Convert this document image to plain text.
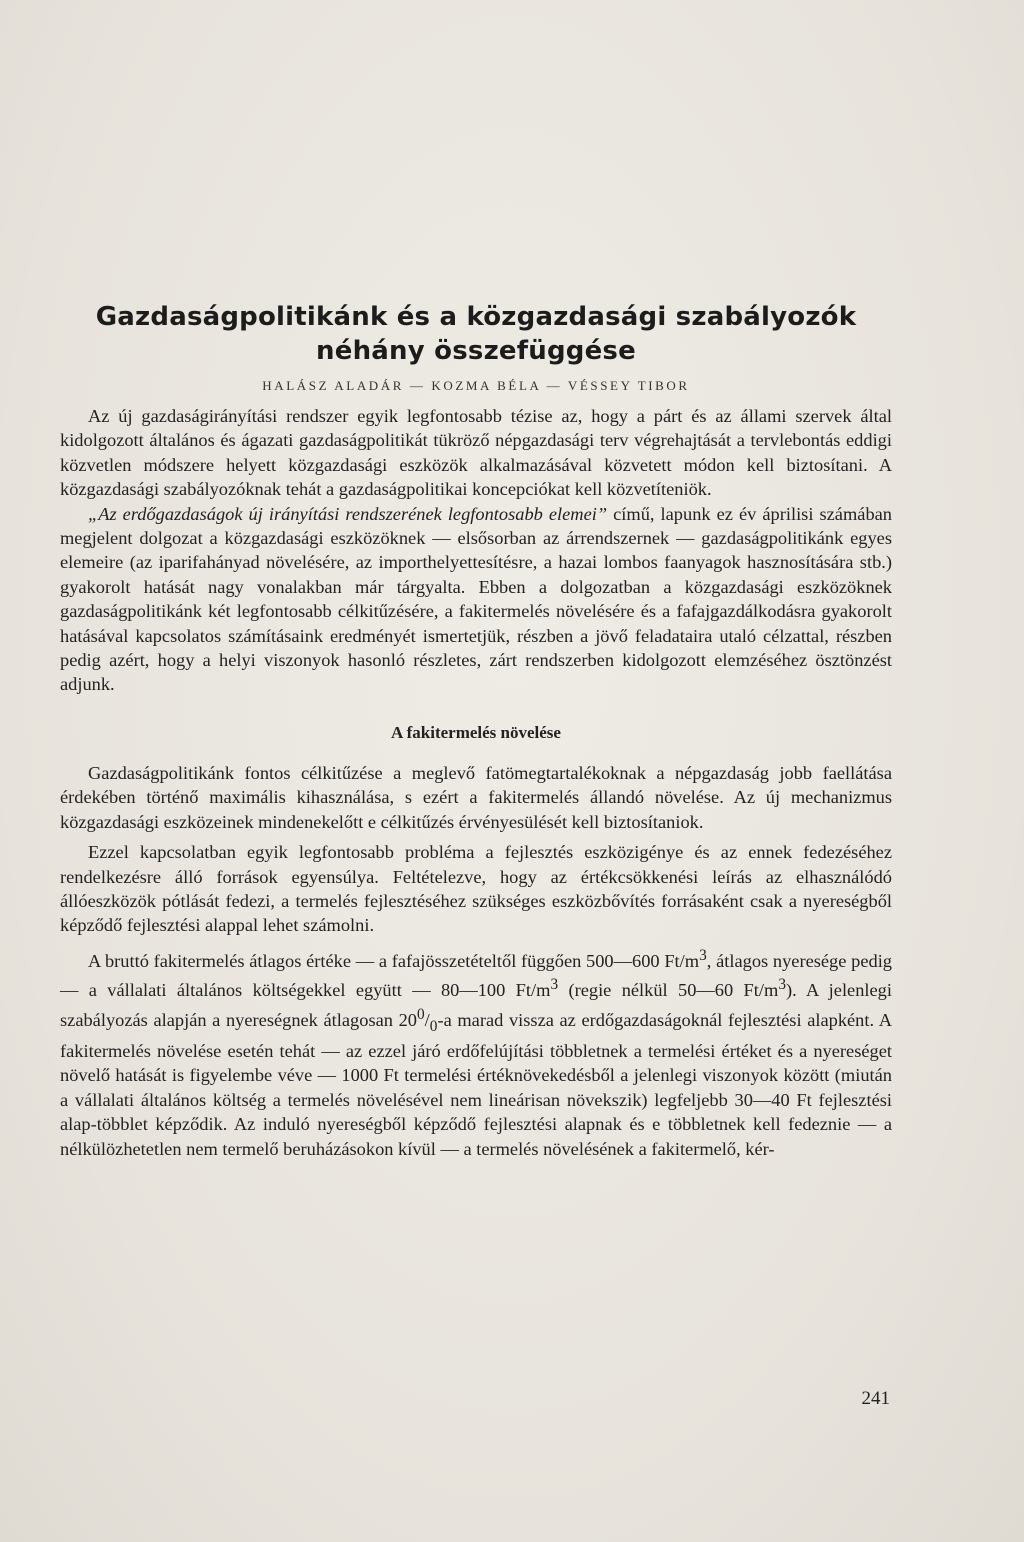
Gazdaságpolitikánk és a közgazdasági szabályozók
néhány összefüggése
HALÁSZ ALADÁR — KOZMA BÉLA — VÉSSEY TIBOR

Az új gazdaságirányítási rendszer egyik legfontosabb tézise az, hogy a párt és az állami szervek által kidolgozott általános és ágazati gazdaságpolitikát tükröző népgazdasági terv végrehajtását a tervlebontás eddigi közvetlen módszere helyett közgazdasági eszközök alkalmazásával közvetett módon kell biztosítani. A közgazdasági szabályozóknak tehát a gazdaságpolitikai koncepciókat kell közvetíteniök.

„Az erdőgazdaságok új irányítási rendszerének legfontosabb elemei” című, lapunk ez év áprilisi számában megjelent dolgozat a közgazdasági eszközöknek — elsősorban az árrendszernek — gazdaságpolitikánk egyes elemeire (az iparifahányad növelésére, az importhelyettesítésre, a hazai lombos faanyagok hasznosítására stb.) gyakorolt hatását nagy vonalakban már tárgyalta. Ebben a dolgozatban a közgazdasági eszközöknek gazdaságpolitikánk két legfontosabb célkitűzésére, a fakitermelés növelésére és a fafajgazdálkodásra gyakorolt hatásával kapcsolatos számításaink eredményét ismertetjük, részben a jövő feladataira utaló célzattal, részben pedig azért, hogy a helyi viszonyok hasonló részletes, zárt rendszerben kidolgozott elemzéséhez ösztönzést adjunk.

A fakitermelés növelése

Gazdaságpolitikánk fontos célkitűzése a meglevő fatömegtartalékoknak a népgazdaság jobb faellátása érdekében történő maximális kihasználása, s ezért a fakitermelés állandó növelése. Az új mechanizmus közgazdasági eszközeinek mindenekelőtt e célkitűzés érvényesülését kell biztosítaniok.

Ezzel kapcsolatban egyik legfontosabb probléma a fejlesztés eszközigénye és az ennek fedezéséhez rendelkezésre álló források egyensúlya. Feltételezve, hogy az értékcsökkenési leírás az elhasználódó állóeszközök pótlását fedezi, a termelés fejlesztéséhez szükséges eszközbővítés forrásaként csak a nyereségből képződő fejlesztési alappal lehet számolni.

A bruttó fakitermelés átlagos értéke — a fafajösszetételtől függően 500—600 $Ft/m^3$, átlagos nyeresége pedig — a vállalati általános költségekkel együtt — 80—100 $Ft/m^3$ (regie nélkül 50—60 $Ft/m^3$). A jelenlegi szabályozás alapján a nyereségnek átlagosan $20^0/_0-a$ marad vissza az erdőgazdaságoknál fejlesztési alapként. A fakitermelés növelése esetén tehát — az ezzel járó erdőfelújítási többletnek a termelési értéket és a nyereséget növelő hatását is figyelembe véve — 1000 Ft termelési értéknövekedésből a jelenlegi viszonyok között (miután a vállalati általános költség a termelés növelésével nem lineárisan növekszik) legfeljebb 30—40 Ft fejlesztési alap-többlet képződik. Az induló nyereségből képződő fejlesztési alapnak és e többletnek kell fedeznie — a nélkülözhetetlen nem termelő beruházásokon kívül — a termelés növelésének a fakitermelő, kér-

241
